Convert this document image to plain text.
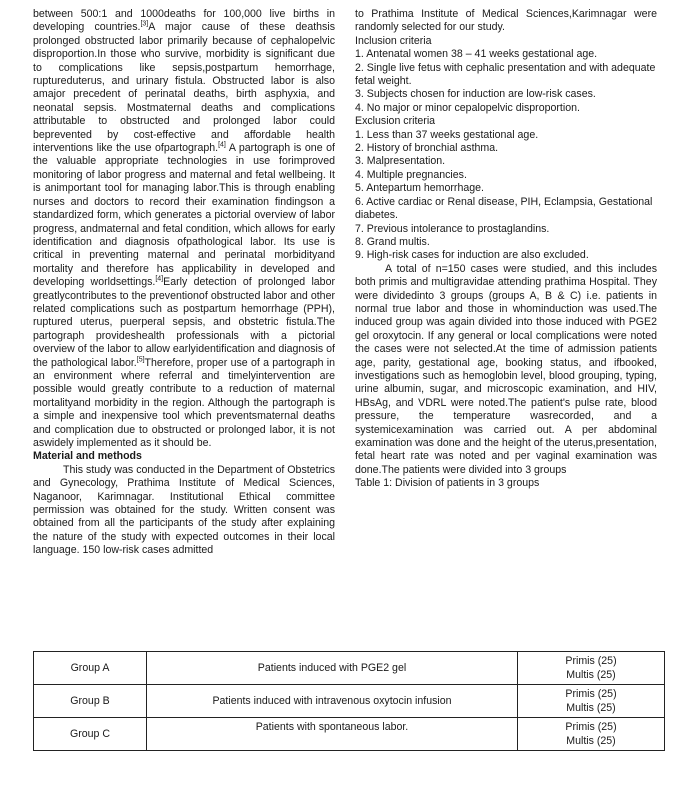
between 500:1 and 1000deaths for 100,000 live births in developing countries.[3]A major cause of these deathsis prolonged obstructed labor primarily because of cephalopelvic disproportion.In those who survive, morbidity is significant due to complications like sepsis,postpartum hemorrhage, ruptureduterus, and urinary fistula. Obstructed labor is also amajor precedent of perinatal deaths, birth asphyxia, and neonatal sepsis. Mostmaternal deaths and complications attributable to obstructed and prolonged labor could beprevented by cost-effective and affordable health interventions like the use ofpartograph.[4] A partograph is one of the valuable appropriate technologies in use forimproved monitoring of labor progress and maternal and fetal wellbeing. It is animportant tool for managing labor.This is through enabling nurses and doctors to record their examination findingson a standardized form, which generates a pictorial overview of labor progress, andmaternal and fetal condition, which allows for early identification and diagnosis ofpathological labor. Its use is critical in preventing maternal and perinatal morbidityand mortality and therefore has applicability in developed and developing worldsettings.[4]Early detection of prolonged labor greatlycontributes to the preventionof obstructed labor and other related complications such as postpartum hemorrhage (PPH), ruptured uterus, puerperal sepsis, and obstetric fistula.The partograph provideshealth professionals with a pictorial overview of the labor to allow earlyidentification and diagnosis of the pathological labor.[5]Therefore, proper use of a partograph in an environment where referral and timelyintervention are possible would greatly contribute to a reduction of maternal mortalityand morbidity in the region. Although the partograph is a simple and inexpensive tool which preventsmaternal deaths and complication due to obstructed or prolonged labor, it is not aswidely implemented as it should be.

Material and methods

This study was conducted in the Department of Obstetrics and Gynecology, Prathima Institute of Medical Sciences, Naganoor, Karimnagar. Institutional Ethical committee permission was obtained for the study. Written consent was obtained from all the participants of the study after explaining the nature of the study with expected outcomes in their local language. 150 low-risk cases admitted

to Prathima Institute of Medical Sciences,Karimnagar were randomly selected for our study.

Inclusion criteria

1. Antenatal women 38 – 41 weeks gestational age.

2. Single live fetus with cephalic presentation and with adequate fetal weight.

3. Subjects chosen for induction are low-risk cases.

4. No major or minor cepalopelvic disproportion.

Exclusion criteria

1. Less than 37 weeks gestational age.

2. History of bronchial asthma.

3. Malpresentation.

4. Multiple pregnancies.

5. Antepartum hemorrhage.

6. Active cardiac or Renal disease, PIH, Eclampsia, Gestational diabetes.

7. Previous intolerance to prostaglandins.

8. Grand multis.

9. High-risk cases for induction are also excluded.

A total of n=150 cases were studied, and this includes both primis and multigravidae attending prathima Hospital. They were dividedinto 3 groups (groups A, B & C) i.e. patients in normal true labor and those in whominduction was used.The induced group was again divided into those induced with PGE2 gel oroxytocin. If any general or local complications were noted the cases were not selected.At the time of admission patients age, parity, gestational age, booking status, and ifbooked, investigations such as hemoglobin level, blood grouping, typing, urine albumin, sugar, and microscopic examination, and HIV, HBsAg, and VDRL were noted.The patient's pulse rate, blood pressure, the temperature wasrecorded, and a systemicexamination was carried out. A per abdominal examination was done and the height of the uterus,presentation, fetal heart rate was noted and per vaginal examination was done.The patients were divided into 3 groups

Table 1: Division of patients in 3 groups

Group A	Patients induced with PGE2 gel	Primis (25)
Multis (25)

Group B	Patients induced with intravenous oxytocin infusion	Primis (25)
Multis (25)

Group C	Patients with spontaneous labor.	Primis (25)
Multis (25)
